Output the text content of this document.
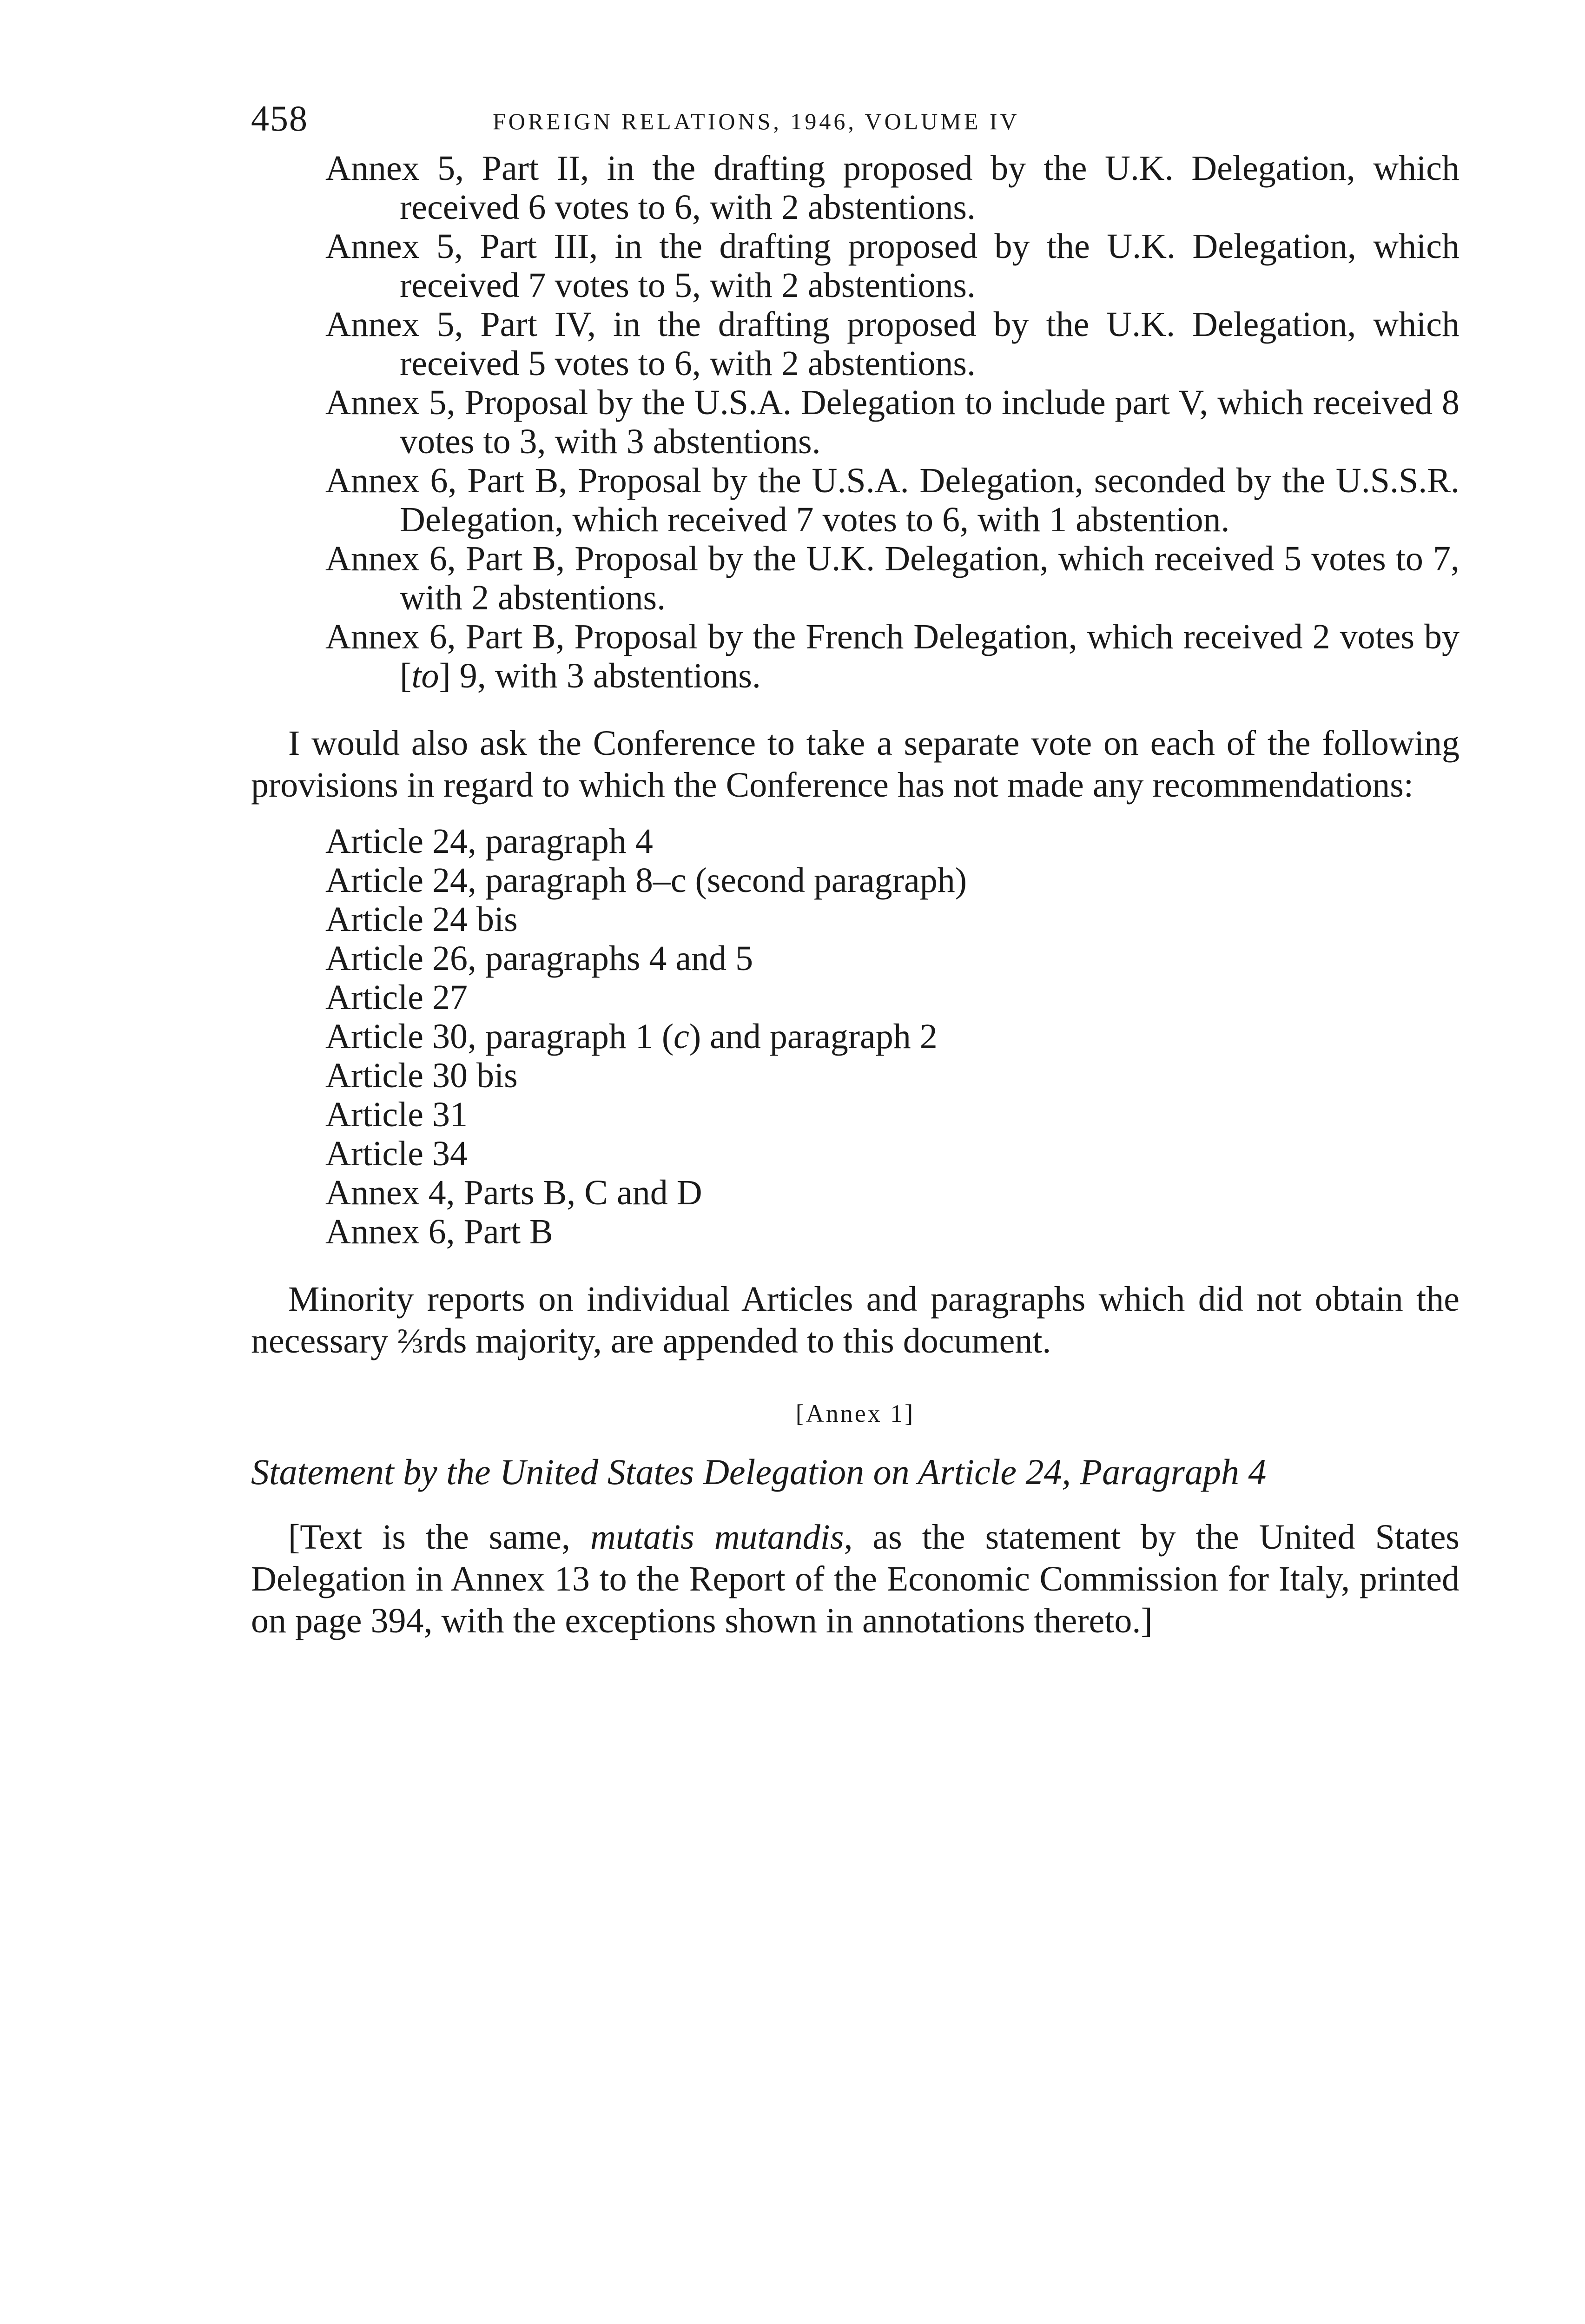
458	FOREIGN RELATIONS, 1946, VOLUME IV
Annex 5, Part II, in the drafting proposed by the U.K. Delegation, which received 6 votes to 6, with 2 abstentions.
Annex 5, Part III, in the drafting proposed by the U.K. Delegation, which received 7 votes to 5, with 2 abstentions.
Annex 5, Part IV, in the drafting proposed by the U.K. Delegation, which received 5 votes to 6, with 2 abstentions.
Annex 5, Proposal by the U.S.A. Delegation to include part V, which received 8 votes to 3, with 3 abstentions.
Annex 6, Part B, Proposal by the U.S.A. Delegation, seconded by the U.S.S.R. Delegation, which received 7 votes to 6, with 1 abstention.
Annex 6, Part B, Proposal by the U.K. Delegation, which received 5 votes to 7, with 2 abstentions.
Annex 6, Part B, Proposal by the French Delegation, which received 2 votes by [to] 9, with 3 abstentions.

I would also ask the Conference to take a separate vote on each of the following provisions in regard to which the Conference has not made any recommendations:

Article 24, paragraph 4
Article 24, paragraph 8–c (second paragraph)
Article 24 bis
Article 26, paragraphs 4 and 5
Article 27
Article 30, paragraph 1 (c) and paragraph 2
Article 30 bis
Article 31
Article 34
Annex 4, Parts B, C and D
Annex 6, Part B

Minority reports on individual Articles and paragraphs which did not obtain the necessary ⅔rds majority, are appended to this document.

[Annex 1]
Statement by the United States Delegation on Article 24, Paragraph 4

[Text is the same, mutatis mutandis, as the statement by the United States Delegation in Annex 13 to the Report of the Economic Commission for Italy, printed on page 394, with the exceptions shown in annotations thereto.]
